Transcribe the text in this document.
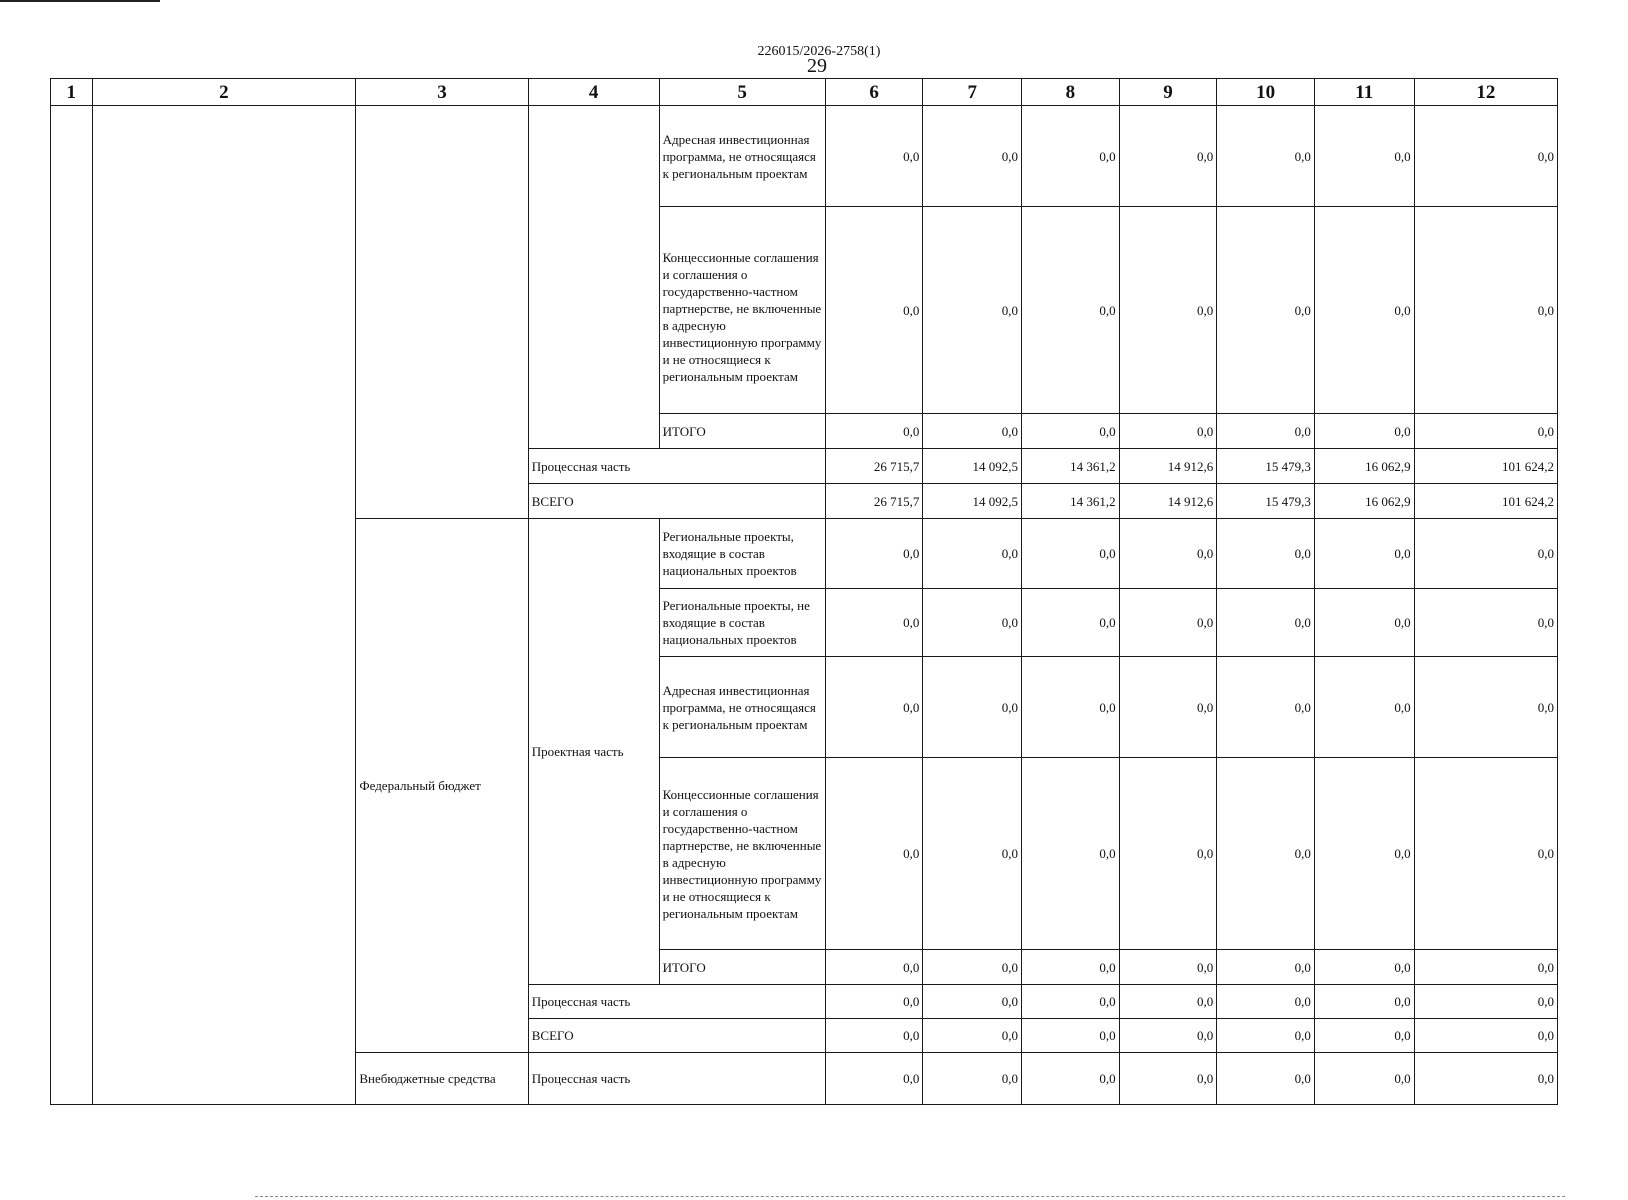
226015/2026-2758(1)
29
1	2	3	4	5	6	7	8	9	10	11	12
				Адресная инвестиционная программа, не относящаяся к региональным проектам	0,0	0,0	0,0	0,0	0,0	0,0	0,0
				Концессионные соглашения и соглашения о государственно-частном партнерстве, не включенные в адресную инвестиционную программу и не относящиеся к региональным проектам	0,0	0,0	0,0	0,0	0,0	0,0	0,0
				ИТОГО	0,0	0,0	0,0	0,0	0,0	0,0	0,0
			Процессная часть		26 715,7	14 092,5	14 361,2	14 912,6	15 479,3	16 062,9	101 624,2
			ВСЕГО		26 715,7	14 092,5	14 361,2	14 912,6	15 479,3	16 062,9	101 624,2
		Федеральный бюджет	Проектная часть	Региональные проекты, входящие в состав национальных проектов	0,0	0,0	0,0	0,0	0,0	0,0	0,0
				Региональные проекты, не входящие в состав национальных проектов	0,0	0,0	0,0	0,0	0,0	0,0	0,0
				Адресная инвестиционная программа, не относящаяся к региональным проектам	0,0	0,0	0,0	0,0	0,0	0,0	0,0
				Концессионные соглашения и соглашения о государственно-частном партнерстве, не включенные в адресную инвестиционную программу и не относящиеся к региональным проектам	0,0	0,0	0,0	0,0	0,0	0,0	0,0
				ИТОГО	0,0	0,0	0,0	0,0	0,0	0,0	0,0
			Процессная часть		0,0	0,0	0,0	0,0	0,0	0,0	0,0
			ВСЕГО		0,0	0,0	0,0	0,0	0,0	0,0	0,0
		Внебюджетные средства	Процессная часть		0,0	0,0	0,0	0,0	0,0	0,0	0,0
